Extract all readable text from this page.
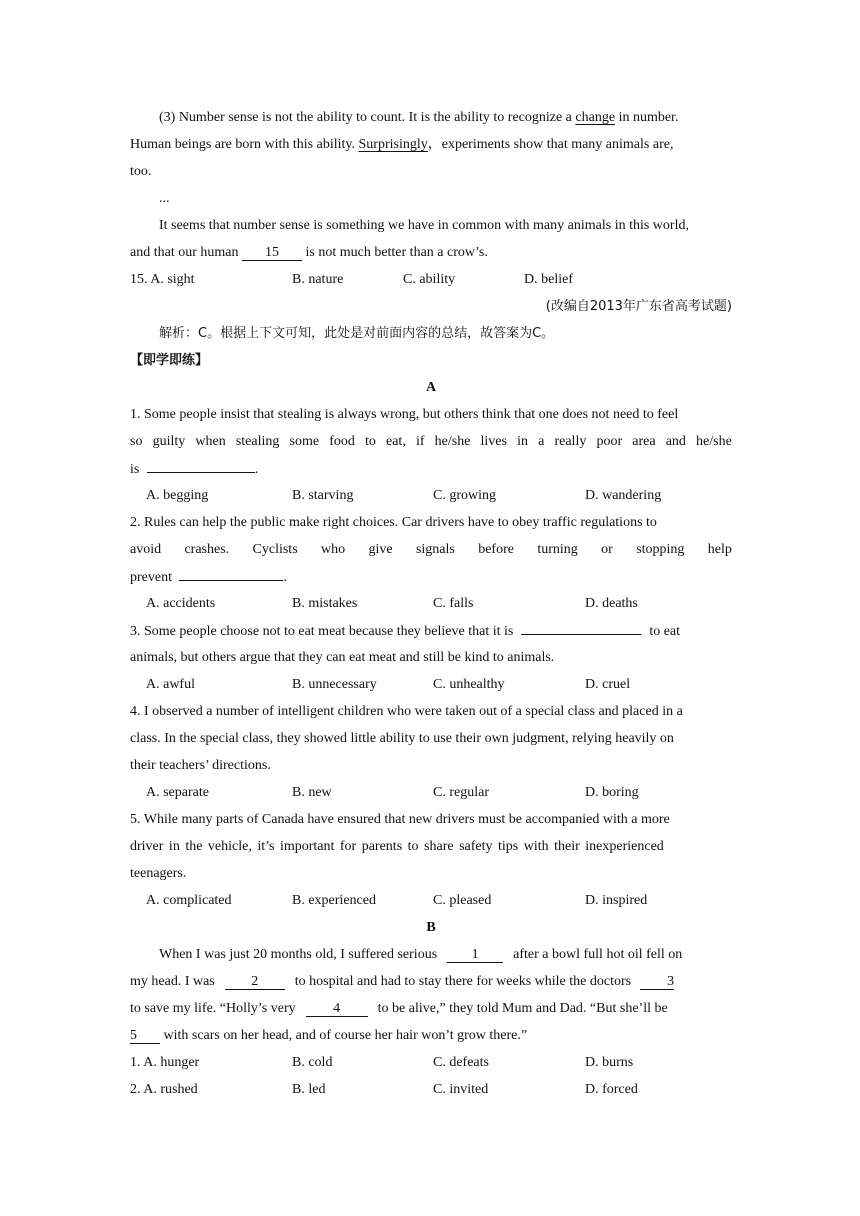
(3) Number sense is not the ability to count. It is the ability to recognize a change in number.
Human beings are born with this ability. Surprisingly，experiments show that many animals are,
too.
...
It seems that number sense is something we have in common with many animals in this world,
and that our human 15 is not much better than a crow’s.
15. A. sight	B. nature	C. ability	D. belief
(改编自2013年广东省高考试题)
解析：C。根据上下文可知，此处是对前面内容的总结，故答案为C。
【即学即练】
A
1. Some people insist that stealing is always wrong, but others think that one does not need to feel
so guilty when stealing some food to eat, if he/she lives in a really poor area and he/she
is	.
A. begging	B. starving	C. growing	D. wandering
2. Rules can help the public make right choices. Car drivers have to obey traffic regulations to
avoid crashes. Cyclists who give signals before turning or stopping help
prevent	.
A. accidents	B. mistakes	C. falls	D. deaths
3. Some people choose not to eat meat because they believe that it is	to eat
animals, but others argue that they can eat meat and still be kind to animals.
A. awful	B. unnecessary	C. unhealthy	D. cruel
4. I observed a number of intelligent children who were taken out of a special class and placed in a
class. In the special class, they showed little ability to use their own judgment, relying heavily on
their teachers’ directions.
A. separate	B. new	C. regular	D. boring
5. While many parts of Canada have ensured that new drivers must be accompanied with a more
driver in the vehicle, it’s important for parents to share safety tips with their inexperienced
teenagers.
A. complicated	B. experienced	C. pleased	D. inspired
B
When I was just 20 months old, I suffered serious 1 after a bowl full hot oil fell on
my head. I was	2	to hospital and had to stay there for weeks while the doctors	3
to save my life. “Holly’s very	4	to be alive,” they told Mum and Dad. “But she’ll be
5 with scars on her head, and of course her hair won’t grow there.”
1. A. hunger	B. cold	C. defeats	D. burns
2. A. rushed	B. led	C. invited	D. forced
